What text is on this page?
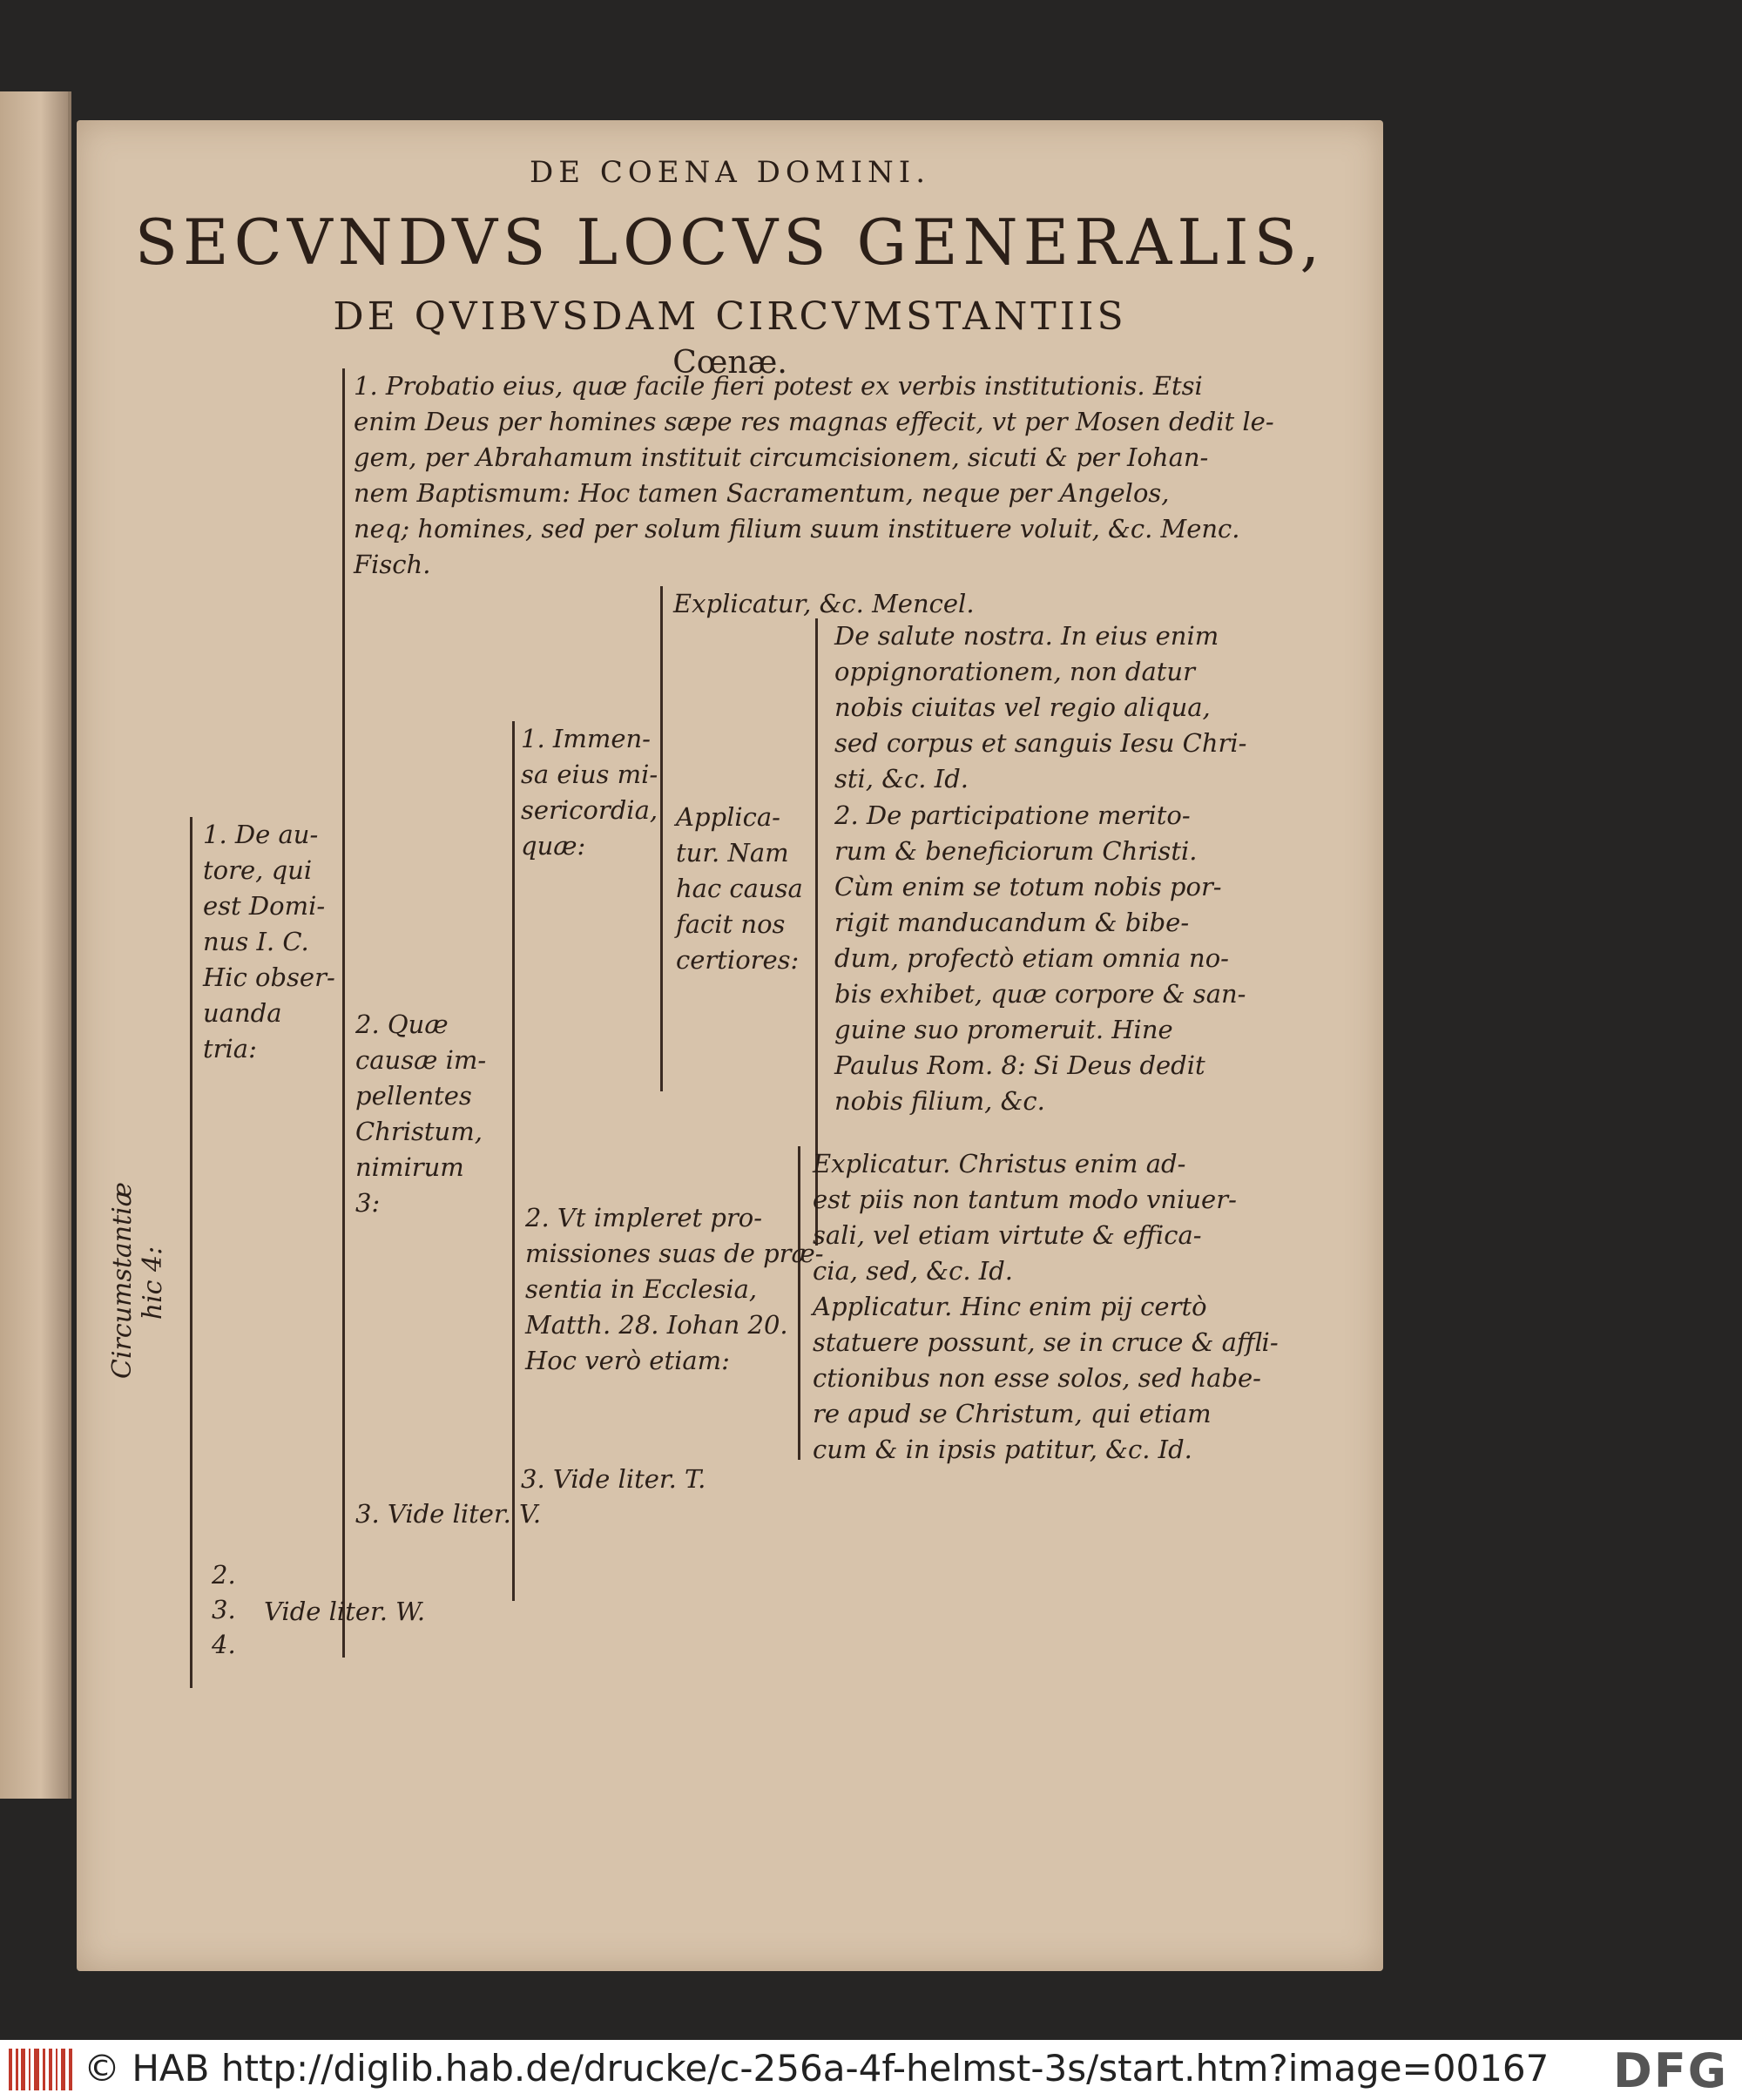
DE COENA DOMINI.
SECVNDVS LOCVS GENERALIS,
DE QVIBVSDAM CIRCVMSTANTIIS
Cœnæ.
Circumstantiæ hic 4:
1. De au-
tore, qui
est Domi-
nus I. C.
Hic obser-
uanda
tria:
2.
3.
4.
Vide liter. W.
1. Probatio eius, quæ facile fieri potest ex verbis institutionis. Etsi
enim Deus per homines sæpe res magnas effecit, vt per Mosen dedit le-
gem, per Abrahamum instituit circumcisionem, sicuti & per Iohan-
nem Baptismum: Hoc tamen Sacramentum, neque per Angelos,
neq; homines, sed per solum filium suum instituere voluit, &c. Menc.
Fisch.
2. Quæ
causæ im-
pellentes
Christum,
nimirum
3:
3. Vide liter. V.
1. Immen-
sa eius mi-
sericordia,
quæ:
Explicatur, &c. Mencel.
Applica-
tur. Nam
hac causa
facit nos
certiores:
De salute nostra. In eius enim
oppignorationem, non datur
nobis ciuitas vel regio aliqua,
sed corpus et sanguis Iesu Chri-
sti, &c. Id.
2. De participatione merito-
rum & beneficiorum Christi.
Cùm enim se totum nobis por-
rigit manducandum & bibe-
dum, profectò etiam omnia no-
bis exhibet, quæ corpore & san-
guine suo promeruit. Hine
Paulus Rom. 8: Si Deus dedit
nobis filium, &c.
2. Vt impleret pro-
missiones suas de præ-
sentia in Ecclesia,
Matth. 28. Iohan 20.
Hoc verò etiam:
3. Vide liter. T.
Explicatur. Christus enim ad-
est piis non tantum modo vniuer-
sali, vel etiam virtute & effica-
cia, sed, &c. Id.
Applicatur. Hinc enim pij certò
statuere possunt, se in cruce & affli-
ctionibus non esse solos, sed habe-
re apud se Christum, qui etiam
cum & in ipsis patitur, &c. Id.
© HAB http://diglib.hab.de/drucke/c-256a-4f-helmst-3s/start.htm?image=00167 DFG
